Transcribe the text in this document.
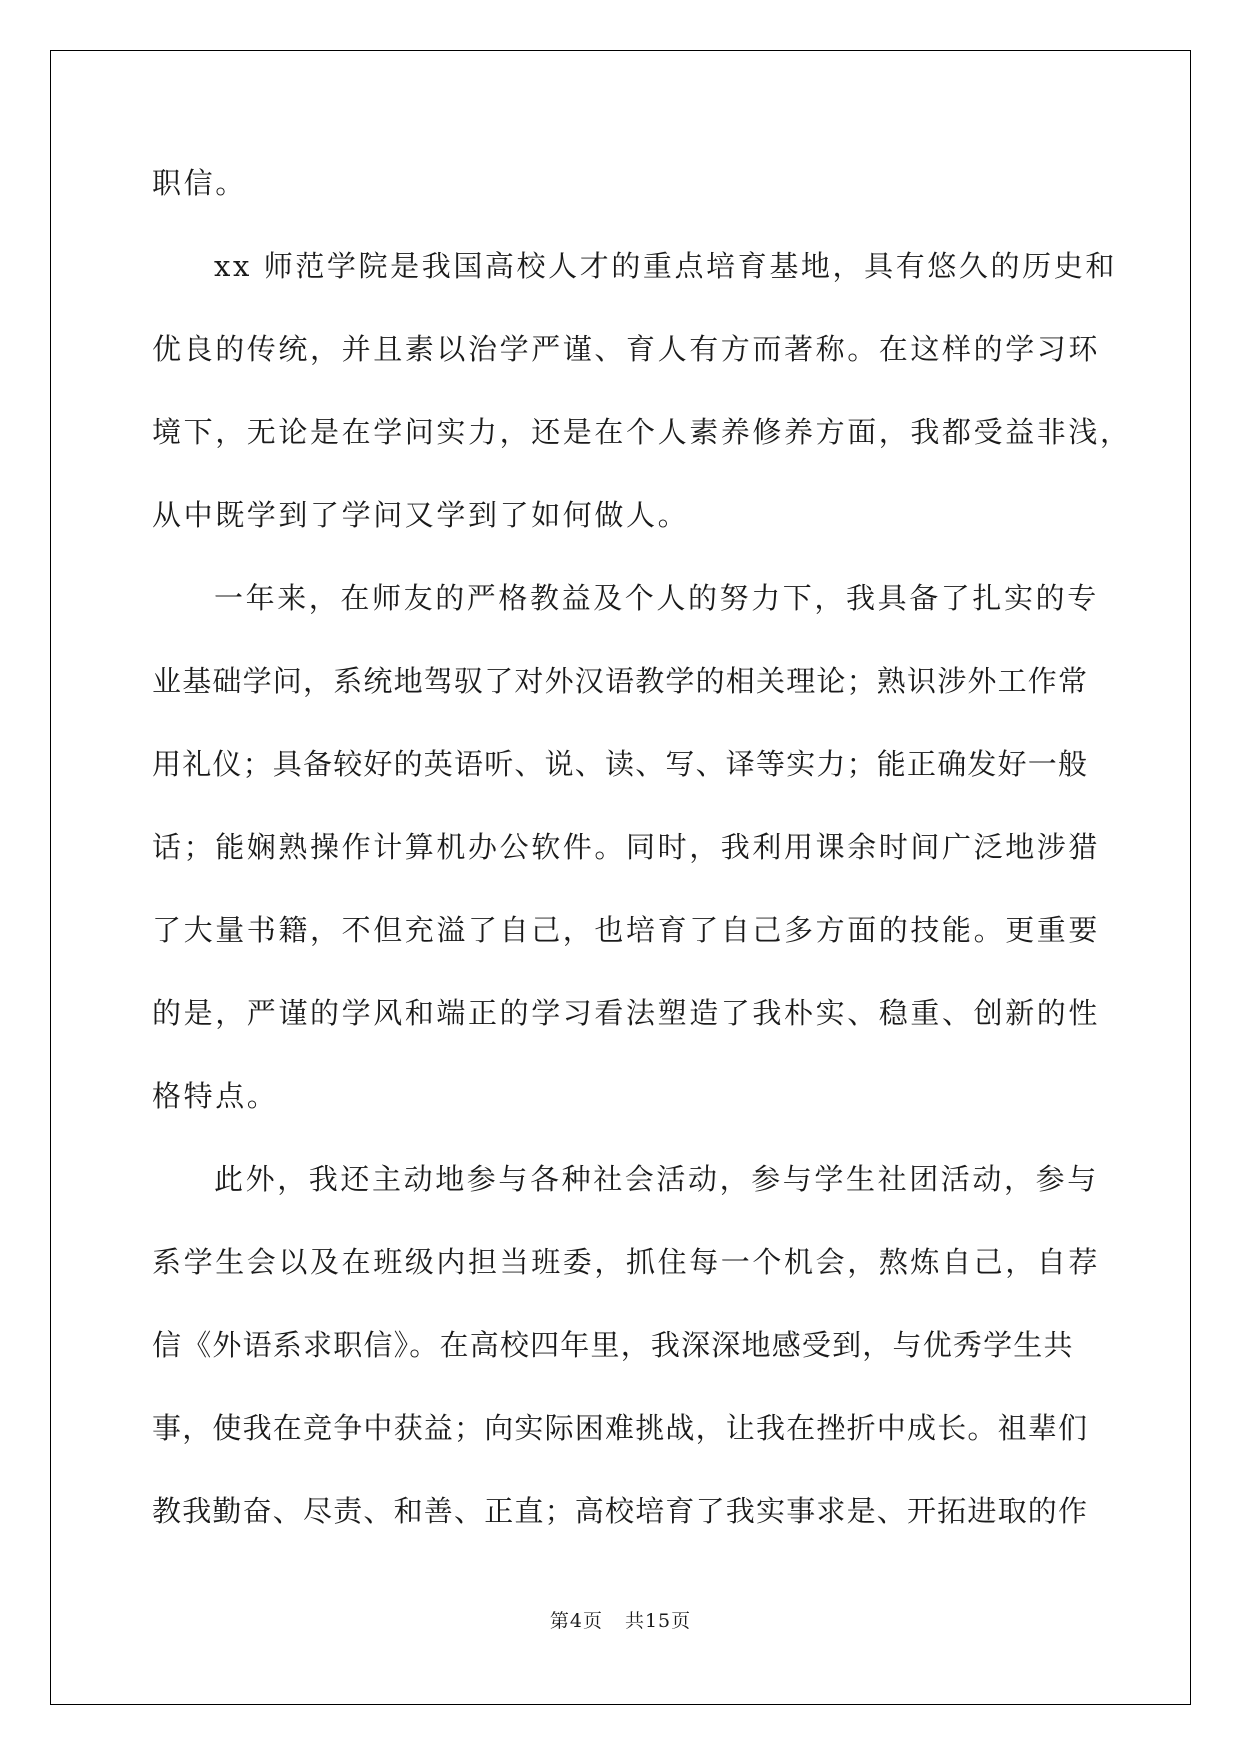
职信。
xx 师范学院是我国高校人才的重点培育基地，具有悠久的历史和
优良的传统，并且素以治学严谨、育人有方而著称。在这样的学习环
境下，无论是在学问实力，还是在个人素养修养方面，我都受益非浅，
从中既学到了学问又学到了如何做人。
一年来，在师友的严格教益及个人的努力下，我具备了扎实的专
业基础学问，系统地驾驭了对外汉语教学的相关理论；熟识涉外工作常
用礼仪；具备较好的英语听、说、读、写、译等实力；能正确发好一般
话；能娴熟操作计算机办公软件。同时，我利用课余时间广泛地涉猎
了大量书籍，不但充溢了自己，也培育了自己多方面的技能。更重要
的是，严谨的学风和端正的学习看法塑造了我朴实、稳重、创新的性
格特点。
此外，我还主动地参与各种社会活动，参与学生社团活动，参与
系学生会以及在班级内担当班委，抓住每一个机会，熬炼自己，自荐
信《外语系求职信》。在高校四年里，我深深地感受到，与优秀学生共
事，使我在竞争中获益；向实际困难挑战，让我在挫折中成长。祖辈们
教我勤奋、尽责、和善、正直；高校培育了我实事求是、开拓进取的作
第4页 共15页
